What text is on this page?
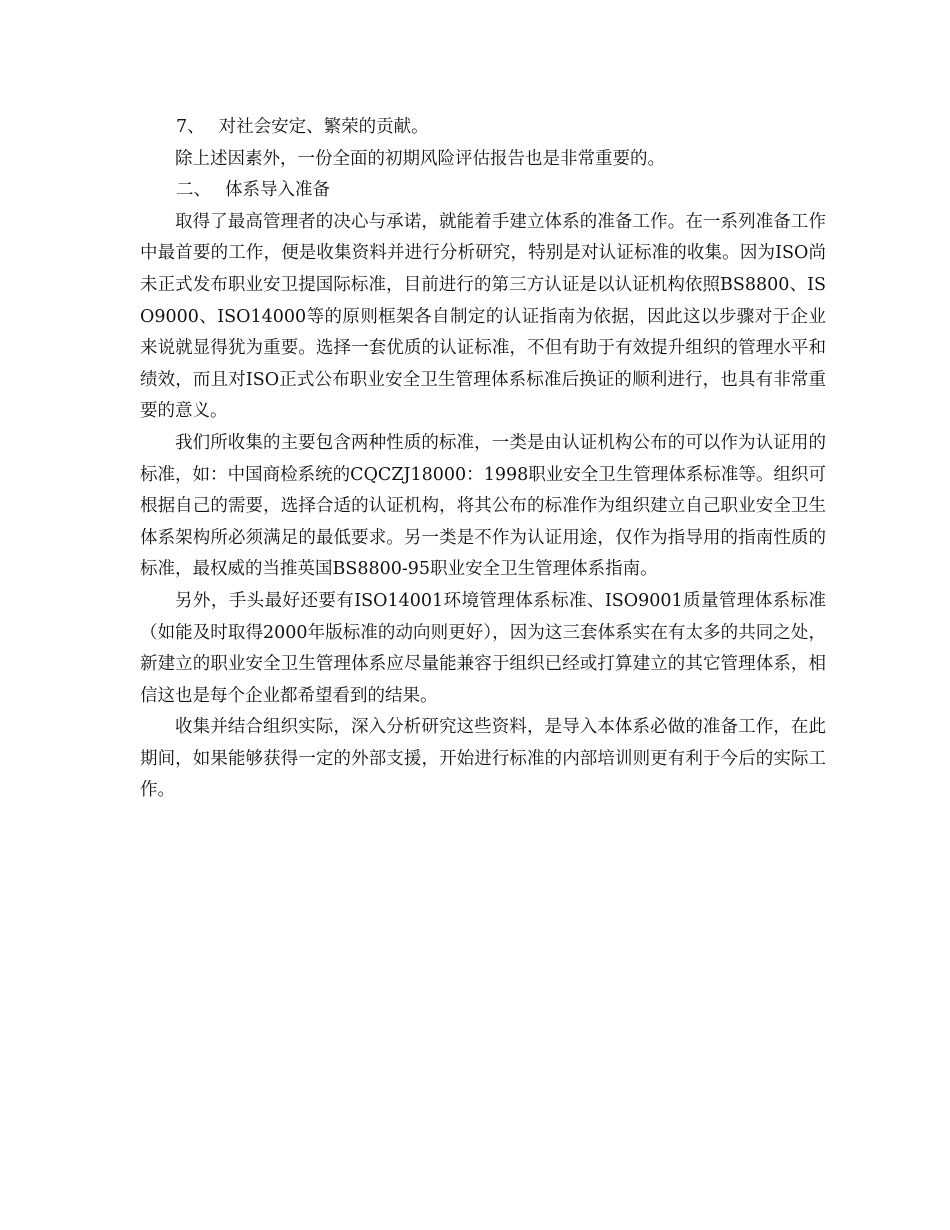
7、 对社会安定、繁荣的贡献。

除上述因素外，一份全面的初期风险评估报告也是非常重要的。

二、 体系导入准备

取得了最高管理者的决心与承诺，就能着手建立体系的准备工作。在一系列准备工作 中最首要的工作，便是收集资料并进行分析研究，特别是对认证标准的收集。因为ISO尚未正式发布职业安卫提国际标准，目前进行的第三方认证是以认证机构依照BS8800、ISO9000、ISO14000等的原则框架各自制定的认证指南为依据，因此这以步骤对于企业来说就显得犹为重要。选择一套优质的认证标准，不但有助于有效提升组织的管理水平和绩效，而且对ISO正式公布职业安全卫生管理体系标准后换证的顺利进行，也具有非常重要的意义。

我们所收集的主要包含两种性质的标准，一类是由认证机构公布的可以作为认证用的标准，如：中国商检系统的CQCZJ18000：1998职业安全卫生管理体系标准等。组织可根据自己的需要，选择合适的认证机构，将其公布的标准作为组织建立自己职业安全卫生体系架构所必须满足的最低要求。另一类是不作为认证用途，仅作为指导用的指南性质的标准，最权威的当推英国BS8800-95职业安全卫生管理体系指南。

另外，手头最好还要有ISO14001环境管理体系标准、ISO9001质量管理体系标准（如能及时取得2000年版标准的动向则更好），因为这三套体系实在有太多的共同之处，新建立的职业安全卫生管理体系应尽量能兼容于组织已经或打算建立的其它管理体系，相信这也是每个企业都希望看到的结果。

收集并结合组织实际，深入分析研究这些资料，是导入本体系必做的准备工作，在此期间，如果能够获得一定的外部支援，开始进行标准的内部培训则更有利于今后的实际工作。
